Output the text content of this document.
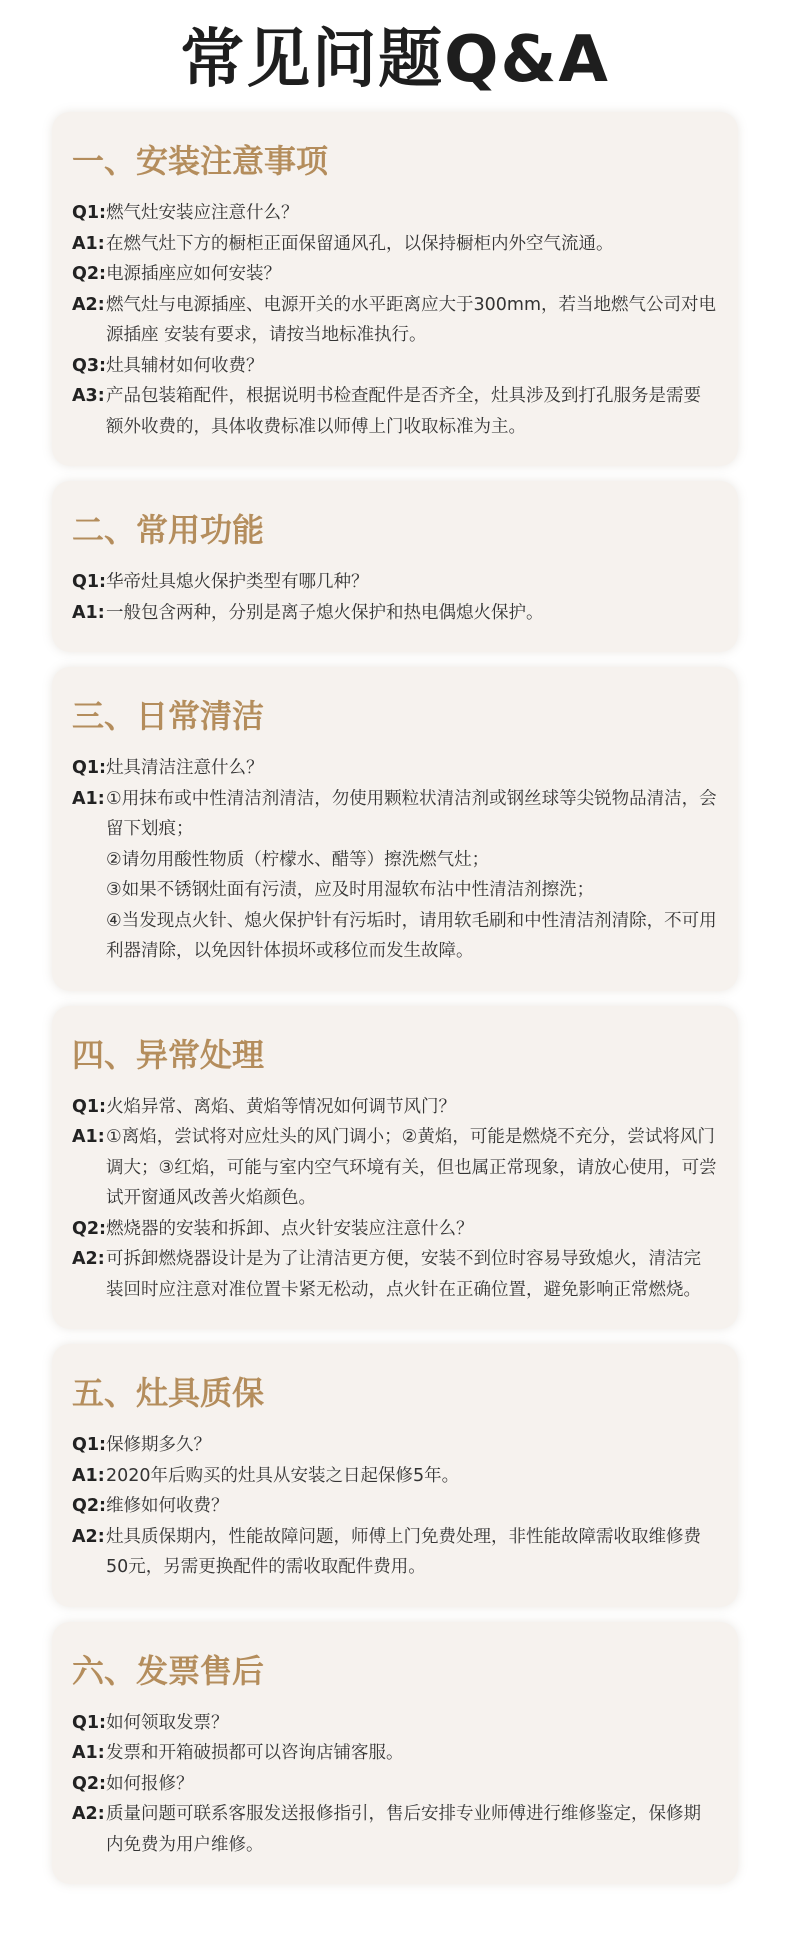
常见问题Q&A
一、安装注意事项
Q1: 燃气灶安装应注意什么？
A1: 在燃气灶下方的橱柜正面保留通风孔，以保持橱柜内外空气流通。
Q2: 电源插座应如何安装？
A2: 燃气灶与电源插座、电源开关的水平距离应大于300mm，若当地燃气公司对电源插座 安装有要求，请按当地标准执行。
Q3: 灶具辅材如何收费？
A3: 产品包装箱配件，根据说明书检查配件是否齐全，灶具涉及到打孔服务是需要额外收费的，具体收费标准以师傅上门收取标准为主。
二、常用功能
Q1: 华帝灶具熄火保护类型有哪几种？
A1: 一般包含两种，分别是离子熄火保护和热电偶熄火保护。
三、日常清洁
Q1: 灶具清洁注意什么？
A1: ①用抹布或中性清洁剂清洁，勿使用颗粒状清洁剂或钢丝球等尖锐物品清洁，会留下划痕；
②请勿用酸性物质（柠檬水、醋等）擦洗燃气灶；
③如果不锈钢灶面有污渍，应及时用湿软布沾中性清洁剂擦洗；
④当发现点火针、熄火保护针有污垢时，请用软毛刷和中性清洁剂清除，不可用利器清除，以免因针体损坏或移位而发生故障。
四、异常处理
Q1: 火焰异常、离焰、黄焰等情况如何调节风门？
A1: ①离焰，尝试将对应灶头的风门调小；②黄焰，可能是燃烧不充分，尝试将风门调大；③红焰，可能与室内空气环境有关，但也属正常现象，请放心使用，可尝试开窗通风改善火焰颜色。
Q2: 燃烧器的安装和拆卸、点火针安装应注意什么？
A2: 可拆卸燃烧器设计是为了让清洁更方便，安装不到位时容易导致熄火，清洁完装回时应注意对准位置卡紧无松动，点火针在正确位置，避免影响正常燃烧。
五、灶具质保
Q1: 保修期多久？
A1: 2020年后购买的灶具从安装之日起保修5年。
Q2: 维修如何收费？
A2: 灶具质保期内，性能故障问题，师傅上门免费处理，非性能故障需收取维修费50元，另需更换配件的需收取配件费用。
六、发票售后
Q1: 如何领取发票？
A1: 发票和开箱破损都可以咨询店铺客服。
Q2: 如何报修？
A2: 质量问题可联系客服发送报修指引，售后安排专业师傅进行维修鉴定，保修期内免费为用户维修。
